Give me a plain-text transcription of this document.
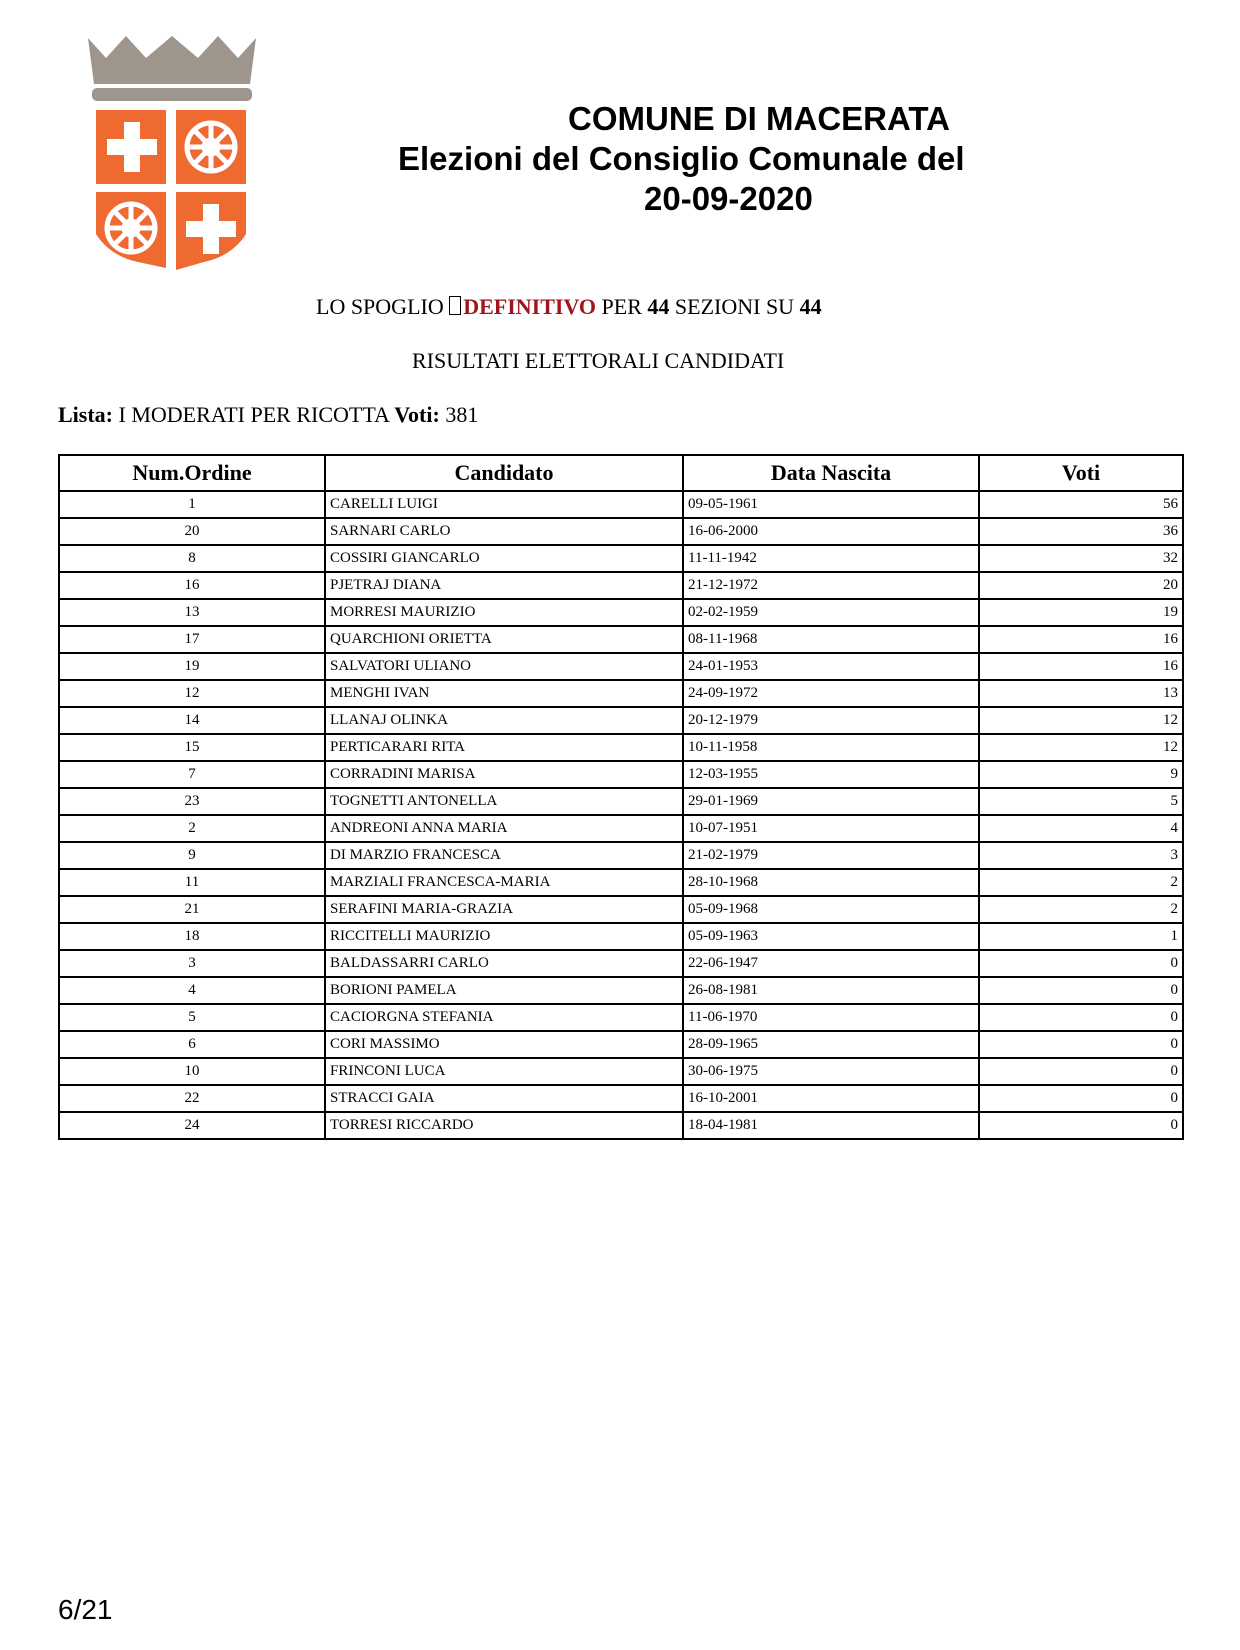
COMUNE DI MACERATA
Elezioni del Consiglio Comunale del
20-09-2020
LO SPOGLIO DEFINITIVO PER 44 SEZIONI SU 44
RISULTATI ELETTORALI CANDIDATI
Lista: I MODERATI PER RICOTTA Voti: 381
Num.Ordine	Candidato	Data Nascita	Voti
1	CARELLI LUIGI	09-05-1961	56
20	SARNARI CARLO	16-06-2000	36
8	COSSIRI GIANCARLO	11-11-1942	32
16	PJETRAJ DIANA	21-12-1972	20
13	MORRESI MAURIZIO	02-02-1959	19
17	QUARCHIONI ORIETTA	08-11-1968	16
19	SALVATORI ULIANO	24-01-1953	16
12	MENGHI IVAN	24-09-1972	13
14	LLANAJ OLINKA	20-12-1979	12
15	PERTICARARI RITA	10-11-1958	12
7	CORRADINI MARISA	12-03-1955	9
23	TOGNETTI ANTONELLA	29-01-1969	5
2	ANDREONI ANNA MARIA	10-07-1951	4
9	DI MARZIO FRANCESCA	21-02-1979	3
11	MARZIALI FRANCESCA-MARIA	28-10-1968	2
21	SERAFINI MARIA-GRAZIA	05-09-1968	2
18	RICCITELLI MAURIZIO	05-09-1963	1
3	BALDASSARRI CARLO	22-06-1947	0
4	BORIONI PAMELA	26-08-1981	0
5	CACIORGNA STEFANIA	11-06-1970	0
6	CORI MASSIMO	28-09-1965	0
10	FRINCONI LUCA	30-06-1975	0
22	STRACCI GAIA	16-10-2001	0
24	TORRESI RICCARDO	18-04-1981	0
6/21
